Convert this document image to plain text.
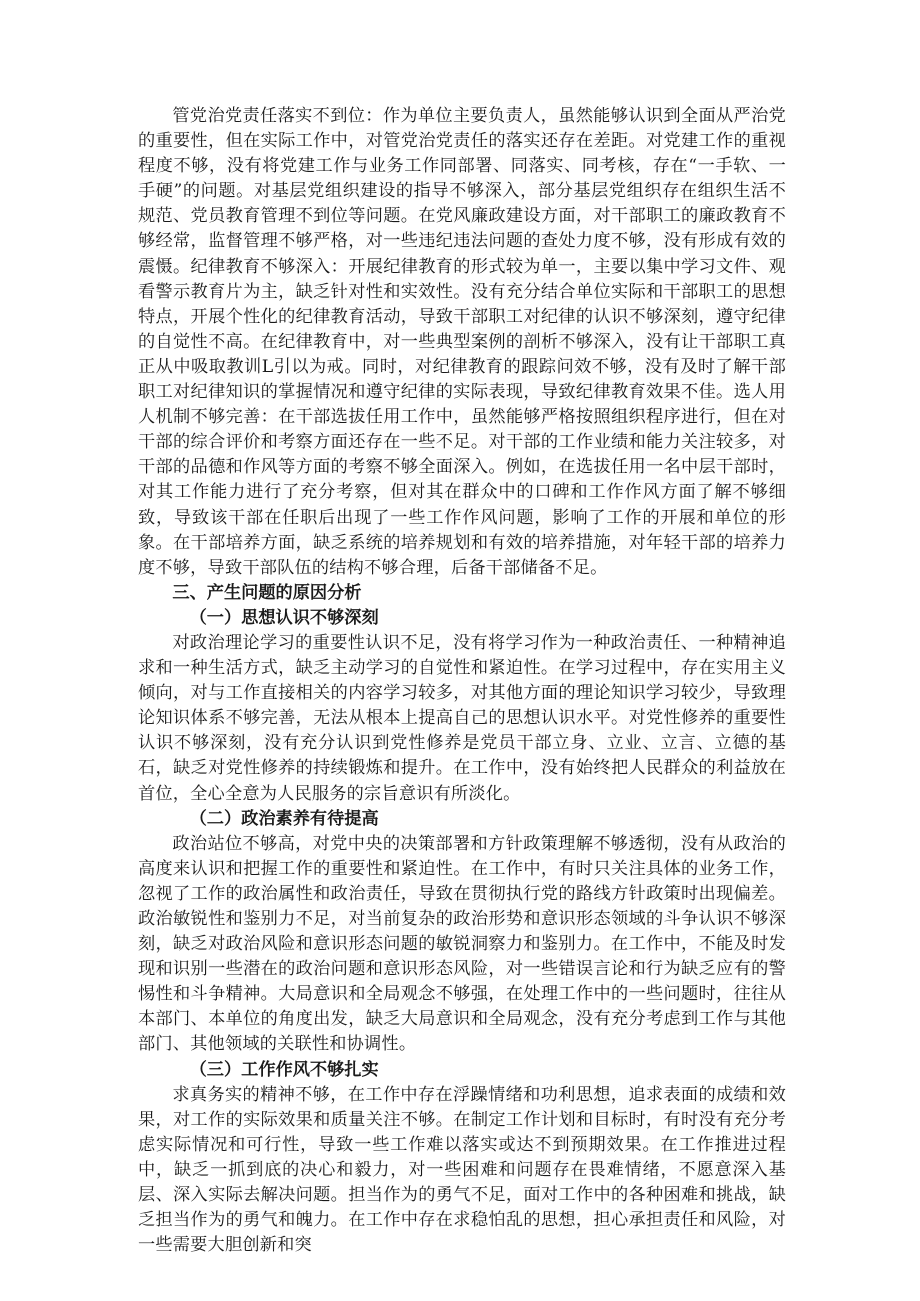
管党治党责任落实不到位：作为单位主要负责人，虽然能够认识到全面从严治党的重要性，但在实际工作中，对管党治党责任的落实还存在差距。对党建工作的重视程度不够，没有将党建工作与业务工作同部署、同落实、同考核，存在“一手软、一手硬”的问题。对基层党组织建设的指导不够深入，部分基层党组织存在组织生活不规范、党员教育管理不到位等问题。在党风廉政建设方面，对干部职工的廉政教育不够经常，监督管理不够严格，对一些违纪违法问题的查处力度不够，没有形成有效的震慑。纪律教育不够深入：开展纪律教育的形式较为单一，主要以集中学习文件、观看警示教育片为主，缺乏针对性和实效性。没有充分结合单位实际和干部职工的思想特点，开展个性化的纪律教育活动，导致干部职工对纪律的认识不够深刻，遵守纪律的自觉性不高。在纪律教育中，对一些典型案例的剖析不够深入，没有让干部职工真正从中吸取教训L引以为戒。同时，对纪律教育的跟踪问效不够，没有及时了解干部职工对纪律知识的掌握情况和遵守纪律的实际表现，导致纪律教育效果不佳。选人用人机制不够完善：在干部选拔任用工作中，虽然能够严格按照组织程序进行，但在对干部的综合评价和考察方面还存在一些不足。对干部的工作业绩和能力关注较多，对干部的品德和作风等方面的考察不够全面深入。例如，在选拔任用一名中层干部时，对其工作能力进行了充分考察，但对其在群众中的口碑和工作作风方面了解不够细致，导致该干部在任职后出现了一些工作作风问题，影响了工作的开展和单位的形象。在干部培养方面，缺乏系统的培养规划和有效的培养措施，对年轻干部的培养力度不够，导致干部队伍的结构不够合理，后备干部储备不足。

三、产生问题的原因分析

（一）思想认识不够深刻

对政治理论学习的重要性认识不足，没有将学习作为一种政治责任、一种精神追求和一种生活方式，缺乏主动学习的自觉性和紧迫性。在学习过程中，存在实用主义倾向，对与工作直接相关的内容学习较多，对其他方面的理论知识学习较少，导致理论知识体系不够完善，无法从根本上提高自己的思想认识水平。对党性修养的重要性认识不够深刻，没有充分认识到党性修养是党员干部立身、立业、立言、立德的基石，缺乏对党性修养的持续锻炼和提升。在工作中，没有始终把人民群众的利益放在首位，全心全意为人民服务的宗旨意识有所淡化。

（二）政治素养有待提高

政治站位不够高，对党中央的决策部署和方针政策理解不够透彻，没有从政治的高度来认识和把握工作的重要性和紧迫性。在工作中，有时只关注具体的业务工作，忽视了工作的政治属性和政治责任，导致在贯彻执行党的路线方针政策时出现偏差。政治敏锐性和鉴别力不足，对当前复杂的政治形势和意识形态领域的斗争认识不够深刻，缺乏对政治风险和意识形态问题的敏锐洞察力和鉴别力。在工作中，不能及时发现和识别一些潜在的政治问题和意识形态风险，对一些错误言论和行为缺乏应有的警惕性和斗争精神。大局意识和全局观念不够强，在处理工作中的一些问题时，往往从本部门、本单位的角度出发，缺乏大局意识和全局观念，没有充分考虑到工作与其他部门、其他领域的关联性和协调性。

（三）工作作风不够扎实

求真务实的精神不够，在工作中存在浮躁情绪和功利思想，追求表面的成绩和效果，对工作的实际效果和质量关注不够。在制定工作计划和目标时，有时没有充分考虑实际情况和可行性，导致一些工作难以落实或达不到预期效果。在工作推进过程中，缺乏一抓到底的决心和毅力，对一些困难和问题存在畏难情绪，不愿意深入基层、深入实际去解决问题。担当作为的勇气不足，面对工作中的各种困难和挑战，缺乏担当作为的勇气和魄力。在工作中存在求稳怕乱的思想，担心承担责任和风险，对一些需要大胆创新和突
